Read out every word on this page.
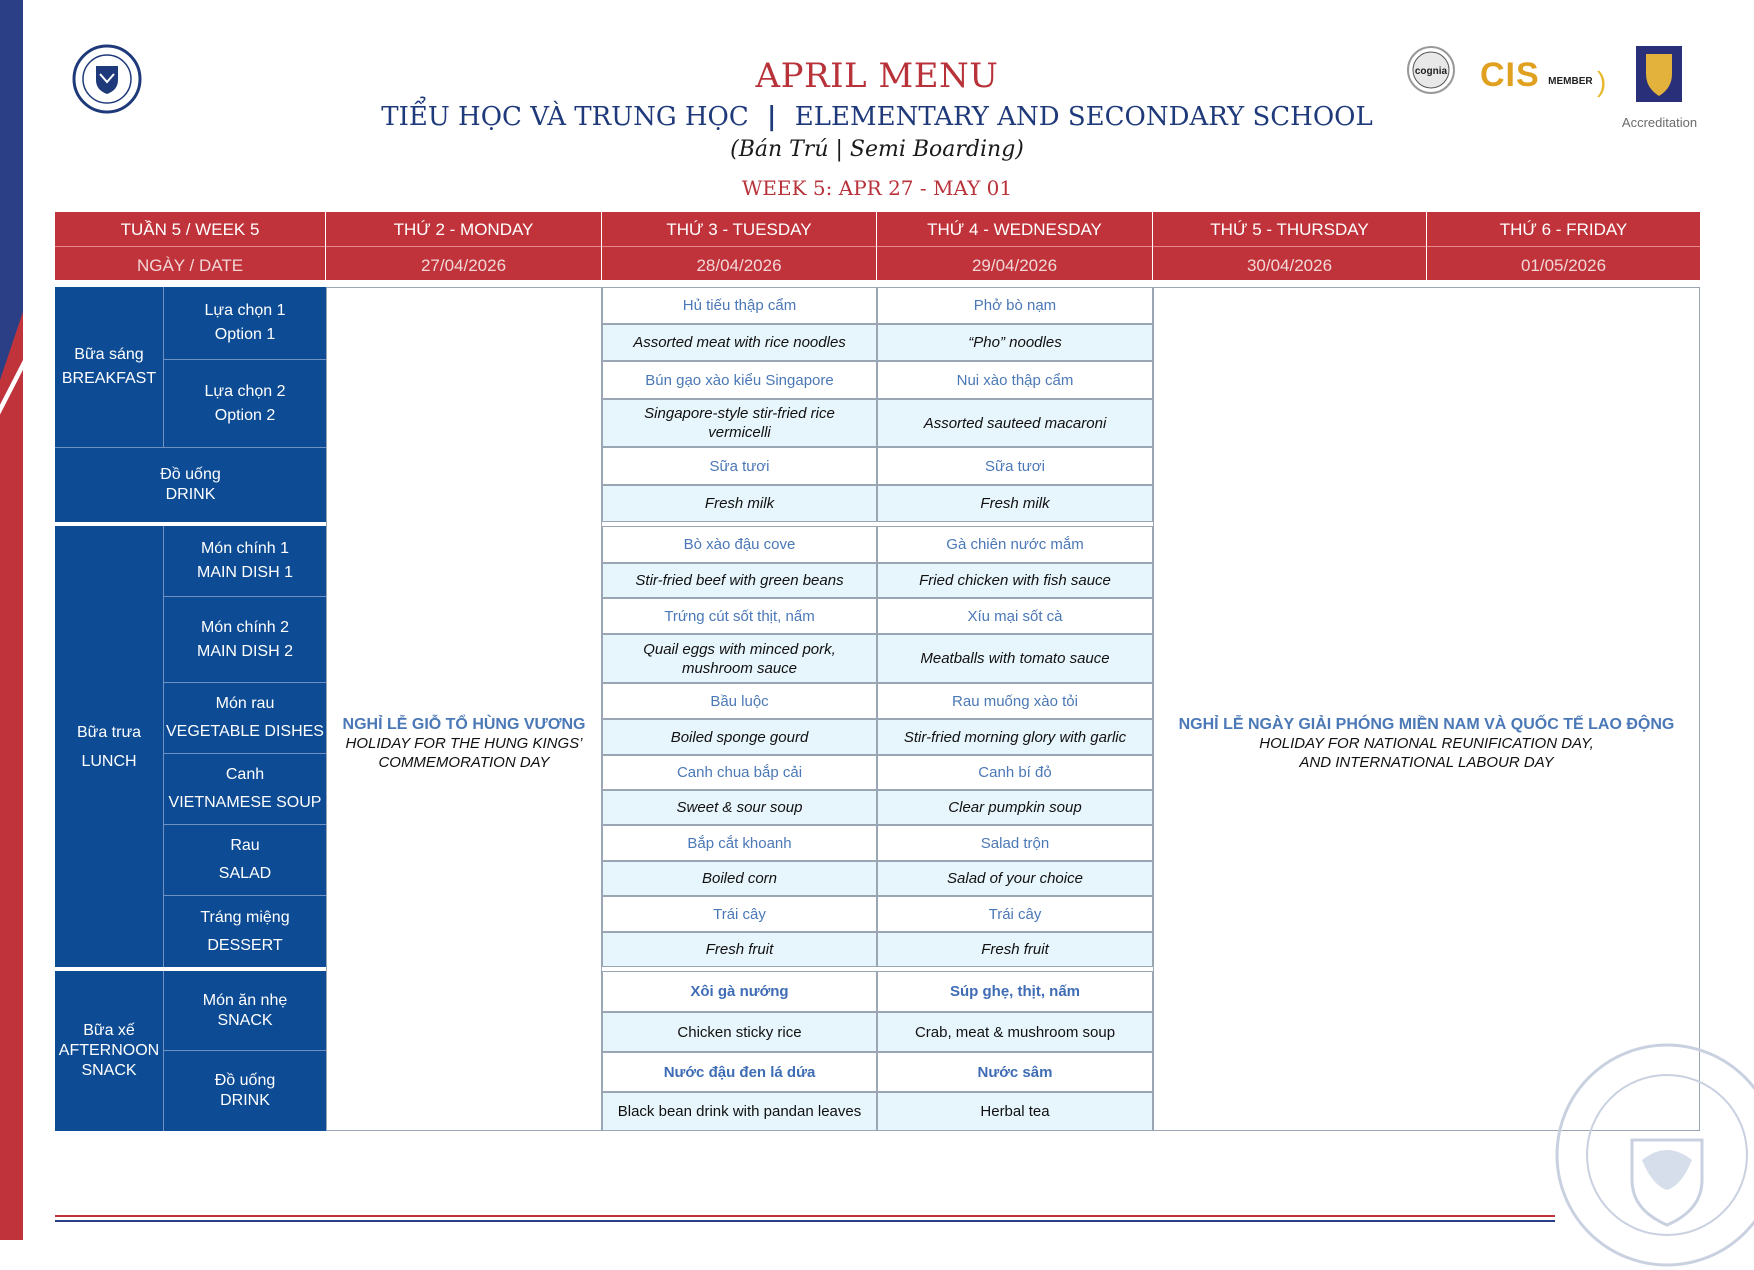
APRIL MENU
TIỂU HỌC VÀ TRUNG HỌC | ELEMENTARY AND SECONDARY SCHOOL
(Bán Trú | Semi Boarding)
WEEK 5: APR 27 - MAY 01
cognia CIS MEMBER )
Accreditation
TUẦN 5 / WEEK 5
NGÀY / DATE
THỨ 2 - MONDAY
27/04/2026
THỨ 3 - TUESDAY
28/04/2026
THỨ 4 - WEDNESDAY
29/04/2026
THỨ 5 - THURSDAY
30/04/2026
THỨ 6 - FRIDAY
01/05/2026
Bữa sáng
BREAKFAST
Lựa chọn 1
Option 1
Lựa chọn 2
Option 2
Đồ uống
DRINK
Bữa trưa
LUNCH
Món chính 1
MAIN DISH 1
Món chính 2
MAIN DISH 2
Món rau
VEGETABLE DISHES
Canh
VIETNAMESE SOUP
Rau
SALAD
Tráng miệng
DESSERT
Bữa xế
AFTERNOON
SNACK
Món ăn nhẹ
SNACK
Đồ uống
DRINK
NGHỈ LỄ GIỖ TỔ HÙNG VƯƠNG
HOLIDAY FOR THE HUNG KINGS’
COMMEMORATION DAY
NGHỈ LỄ NGÀY GIẢI PHÓNG MIỀN NAM VÀ QUỐC TẾ LAO ĐỘNG
HOLIDAY FOR NATIONAL REUNIFICATION DAY,
AND INTERNATIONAL LABOUR DAY
Hủ tiếu thập cẩm
Assorted meat with rice noodles
Bún gạo xào kiểu Singapore
Singapore-style stir-fried rice vermicelli
Sữa tươi
Fresh milk
Bò xào đậu cove
Stir-fried beef with green beans
Trứng cút sốt thịt, nấm
Quail eggs with minced pork, mushroom sauce
Bầu luộc
Boiled sponge gourd
Canh chua bắp cải
Sweet & sour soup
Bắp cắt khoanh
Boiled corn
Trái cây
Fresh fruit
Xôi gà nướng
Chicken sticky rice
Nước đậu đen lá dứa
Black bean drink with pandan leaves
Phở bò nạm
“Pho” noodles
Nui xào thập cẩm
Assorted sauteed macaroni
Sữa tươi
Fresh milk
Gà chiên nước mắm
Fried chicken with fish sauce
Xíu mại sốt cà
Meatballs with tomato sauce
Rau muống xào tỏi
Stir-fried morning glory with garlic
Canh bí đỏ
Clear pumpkin soup
Salad trộn
Salad of your choice
Trái cây
Fresh fruit
Súp ghẹ, thịt, nấm
Crab, meat & mushroom soup
Nước sâm
Herbal tea
